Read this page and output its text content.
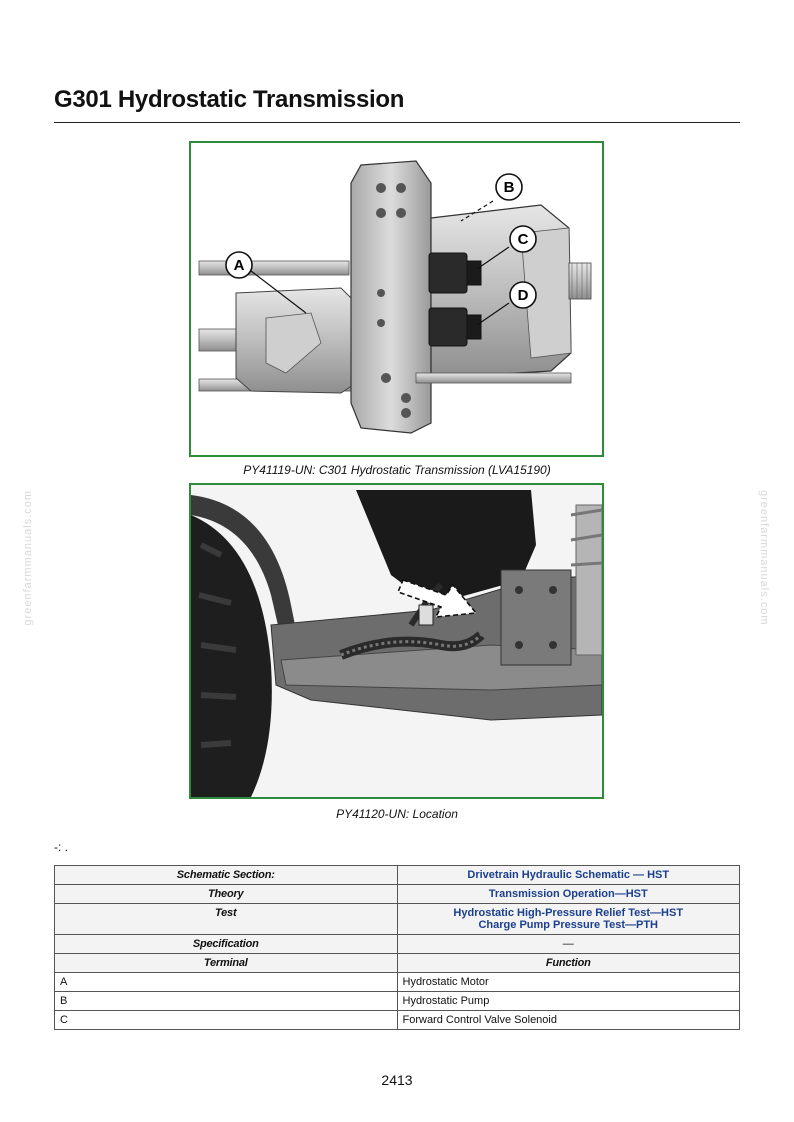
greenfarmmanuals.com	greenfarmmanuals.com
G301 Hydrostatic Transmission
A
B
C
D
PY41119-UN: C301 Hydrostatic Transmission (LVA15190)
PY41120-UN: Location
-: .
Schematic Section:	Drivetrain Hydraulic Schematic — HST
Theory	Transmission Operation—HST
Test	Hydrostatic High-Pressure Relief Test—HST
Charge Pump Pressure Test—PTH

Specification	—
Terminal	Function
A	Hydrostatic Motor
B	Hydrostatic Pump
C	Forward Control Valve Solenoid
2413
